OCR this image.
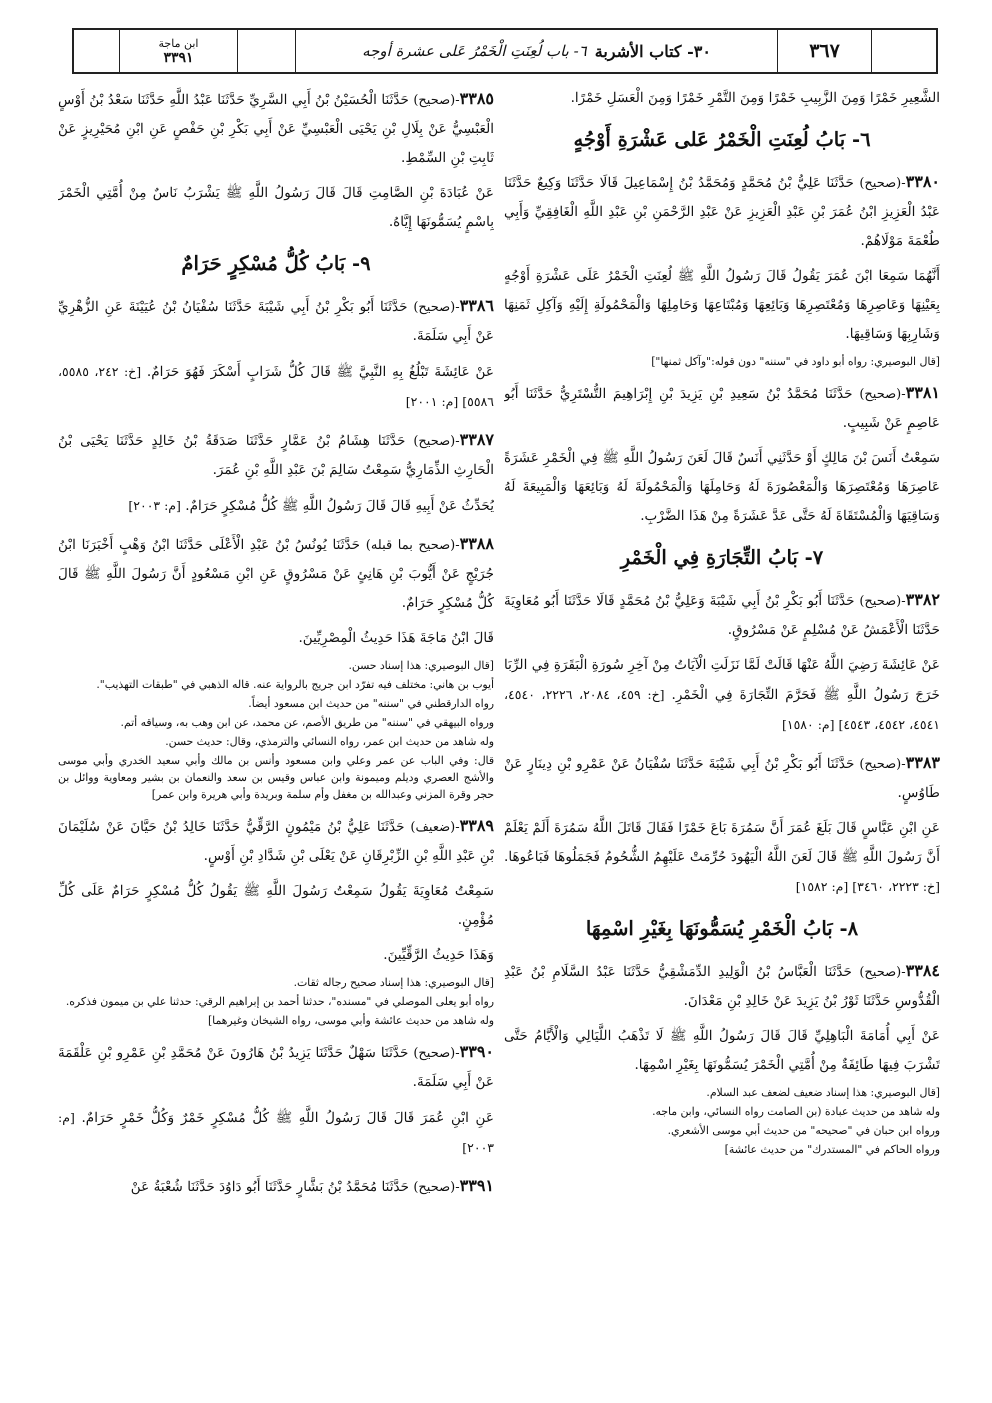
ابن ماجة
٣٣٩١	٣٠- كتاب الأشربة
٦- باب لُعِنَتِ الْخَمْرُ عَلى عشرة أوجه	٣٦٧

الشَّعِيرِ خَمْرًا وَمِنَ الزَّبِيبِ خَمْرًا وَمِنَ التَّمْرِ خَمْرًا وَمِنَ الْعَسَلِ خَمْرًا.

٦- بَابُ لُعِنَتِ الْخَمْرُ عَلى عَشْرَةِ أَوْجُهٍ

٣٣٨٠-(صحيح) حَدَّثَنَا عَلِيُّ بْنُ مُحَمَّدٍ وَمُحَمَّدُ بْنُ إِسْمَاعِيلَ قَالَا حَدَّثَنَا وَكِيعٌ حَدَّثَنَا عَبْدُ الْعَزِيزِ ابْنُ عُمَرَ بْنِ عَبْدِ الْعَزِيزِ عَنْ عَبْدِ الرَّحْمَنِ بْنِ عَبْدِ اللَّهِ الْغَافِقِيِّ وَأَبِي طُعْمَةَ مَوْلَاهُمْ.

أَنَّهُمَا سَمِعَا ابْنَ عُمَرَ يَقُولُ قَالَ رَسُولُ اللَّهِ ﷺ لُعِنَتِ الْخَمْرُ عَلَى عَشْرَةِ أَوْجُهٍ بِعَيْنِهَا وَعَاصِرِهَا وَمُعْتَصِرِهَا وَبَائِعِهَا وَمُبْتَاعِهَا وَحَامِلِهَا وَالْمَحْمُولَةِ إِلَيْهِ وَآكِلِ ثَمَنِهَا وَشَارِبِهَا وَسَاقِيهَا.

[قال البوصيري: رواه أبو داود في "سننه" دون قوله:"وآكل ثمنها"]

٣٣٨١-(صحيح) حَدَّثَنَا مُحَمَّدُ بْنُ سَعِيدِ بْنِ يَزِيدَ بْنِ إِبْرَاهِيمَ التُّسْتَرِيُّ حَدَّثَنَا أَبُو عَاصِمٍ عَنْ شَبِيبٍ.

سَمِعْتُ أَنَسَ بْنَ مَالِكٍ أَوْ حَدَّثَنِي أَنَسٌ قَالَ لَعَنَ رَسُولُ اللَّهِ ﷺ فِي الْخَمْرِ عَشَرَةً عَاصِرَهَا وَمُعْتَصِرَهَا وَالْمَعْصُورَةَ لَهُ وَحَامِلَهَا وَالْمَحْمُولَةَ لَهُ وَبَائِعَهَا وَالْمَبِيعَةَ لَهُ وَسَاقِيَهَا وَالْمُسْتَقَاةَ لَهُ حَتَّى عَدَّ عَشَرَةً مِنْ هَذَا الضَّرْبِ.

٧- بَابُ التِّجَارَةِ فِي الْخَمْرِ

٣٣٨٢-(صحيح) حَدَّثَنَا أَبُو بَكْرِ بْنُ أَبِي شَيْبَةَ وَعَلِيُّ بْنُ مُحَمَّدٍ قَالَا حَدَّثَنَا أَبُو مُعَاوِيَةَ حَدَّثَنَا الْأَعْمَشُ عَنْ مُسْلِمٍ عَنْ مَسْرُوقٍ.

عَنْ عَائِشَةَ رَضِيَ اللَّهُ عَنْهَا قَالَتْ لَمَّا نَزَلَتِ الْآيَاتُ مِنْ آخِرِ سُورَةِ الْبَقَرَةِ فِي الرِّبَا خَرَجَ رَسُولُ اللَّهِ ﷺ فَحَرَّمَ التِّجَارَةَ فِي الْخَمْرِ. [خ: ٤٥٩، ٢٠٨٤، ٢٢٢٦، ٤٥٤٠، ٤٥٤١، ٤٥٤٢، ٤٥٤٣] [م: ١٥٨٠]

٣٣٨٣-(صحيح) حَدَّثَنَا أَبُو بَكْرِ بْنُ أَبِي شَيْبَةَ حَدَّثَنَا سُفْيَانُ عَنْ عَمْرِو بْنِ دِينَارٍ عَنْ طَاوُسٍ.

عَنِ ابْنِ عَبَّاسٍ قَالَ بَلَغَ عُمَرَ أَنَّ سَمُرَةَ بَاعَ خَمْرًا فَقَالَ قَاتَلَ اللَّهُ سَمُرَةَ أَلَمْ يَعْلَمْ أَنَّ رَسُولَ اللَّهِ ﷺ قَالَ لَعَنَ اللَّهُ الْيَهُودَ حُرِّمَتْ عَلَيْهِمُ الشُّحُومُ فَجَمَلُوهَا فَبَاعُوهَا. [خ: ٢٢٢٣، ٣٤٦٠] [م: ١٥٨٢]

٨- بَابُ الْخَمْرِ يُسَمُّونَهَا بِغَيْرِ اسْمِهَا

٣٣٨٤-(صحيح) حَدَّثَنَا الْعَبَّاسُ بْنُ الْوَلِيدِ الدِّمَشْقِيُّ حَدَّثَنَا عَبْدُ السَّلَامِ بْنُ عَبْدِ الْقُدُّوسِ حَدَّثَنَا ثَوْرُ بْنُ يَزِيدَ عَنْ خَالِدِ بْنِ مَعْدَانَ.

عَنْ أَبِي أُمَامَةَ الْبَاهِلِيِّ قَالَ قَالَ رَسُولُ اللَّهِ ﷺ لَا تَذْهَبُ اللَّيَالِي وَالْأَيَّامُ حَتَّى تَشْرَبَ فِيهَا طَائِفَةٌ مِنْ أُمَّتِي الْخَمْرَ يُسَمُّونَهَا بِغَيْرِ اسْمِهَا.

[قال البوصيري: هذا إسناد ضعيف لضعف عبد السلام.

وله شاهد من حديث عبادة (بن الصامت رواه النسائي، وابن ماجه.

ورواه ابن حبان في "صحيحه" من حديث أبي موسى الأشعري.

ورواه الحاكم في "المستدرك" من حديث عائشة]

٣٣٨٥-(صحيح) حَدَّثَنَا الْحُسَيْنُ بْنُ أَبِي السَّرِيِّ حَدَّثَنَا عَبْدُ اللَّهِ حَدَّثَنَا سَعْدُ بْنُ أَوْسٍ الْعَبْسِيُّ عَنْ بِلَالِ بْنِ يَحْيَى الْعَبْسِيِّ عَنْ أَبِي بَكْرِ بْنِ حَفْصٍ عَنِ ابْنِ مُحَيْرِيزٍ عَنْ ثَابِتِ بْنِ السِّمْطِ.

عَنْ عُبَادَةَ بْنِ الصَّامِتِ قَالَ قَالَ رَسُولُ اللَّهِ ﷺ يَشْرَبُ نَاسٌ مِنْ أُمَّتِي الْخَمْرَ بِاسْمٍ يُسَمُّونَهَا إِيَّاهُ.

٩- بَابُ كُلُّ مُسْكِرٍ حَرَامٌ

٣٣٨٦-(صحيح) حَدَّثَنَا أَبُو بَكْرِ بْنُ أَبِي شَيْبَةَ حَدَّثَنَا سُفْيَانُ بْنُ عُيَيْنَةَ عَنِ الزُّهْرِيِّ عَنْ أَبِي سَلَمَةَ.

عَنْ عَائِشَةَ تَبْلُغُ بِهِ النَّبِيَّ ﷺ قَالَ كُلُّ شَرَابٍ أَسْكَرَ فَهُوَ حَرَامٌ. [خ: ٢٤٢، ٥٥٨٥، ٥٥٨٦] [م: ٢٠٠١]

٣٣٨٧-(صحيح) حَدَّثَنَا هِشَامُ بْنُ عَمَّارٍ حَدَّثَنَا صَدَقَةُ بْنُ خَالِدٍ حَدَّثَنَا يَحْيَى بْنُ الْحَارِثِ الذِّمَارِيُّ سَمِعْتُ سَالِمَ بْنَ عَبْدِ اللَّهِ بْنِ عُمَرَ.

يُحَدِّثُ عَنْ أَبِيهِ قَالَ قَالَ رَسُولُ اللَّهِ ﷺ كُلُّ مُسْكِرٍ حَرَامٌ. [م: ٢٠٠٣]

٣٣٨٨-(صحيح بما قبله) حَدَّثَنَا يُونُسُ بْنُ عَبْدِ الْأَعْلَى حَدَّثَنَا ابْنُ وَهْبٍ أَخْبَرَنَا ابْنُ جُرَيْجٍ عَنْ أَيُّوبَ بْنِ هَانِئٍ عَنْ مَسْرُوقٍ عَنِ ابْنِ مَسْعُودٍ أَنَّ رَسُولَ اللَّهِ ﷺ قَالَ كُلُّ مُسْكِرٍ حَرَامٌ.

قَالَ ابْنُ مَاجَةَ هَذَا حَدِيثُ الْمِصْرِيِّينَ.

[قال البوصيري: هذا إسناد حسن.

أيوب بن هاني: مختلف فيه تفرّد ابن جريج بالرواية عنه. قاله الذهبي في "طبقات التهذيب".

رواه الدارقطني في "سننه" من حديث ابن مسعود أيضاً.

ورواه البيهقي في "سننه" من طريق الأصم، عن محمد، عن ابن وهب به، وسياقه أتم.

وله شاهد من حديث ابن عمر، رواه النسائي والترمذي، وقال: حديث حسن.

قال: وفي الباب عن عمر وعلي وابن مسعود وأنس بن مالك وأبي سعيد الخدري وأبي موسى والأشج العصري وديلم وميمونة وابن عباس وقيس بن سعد والنعمان بن بشير ومعاوية ووائل بن حجر وقرة المزني وعبدالله بن مغفل وأم سلمة وبريدة وأبي هريرة وابن عمر]

٣٣٨٩-(ضعيف) حَدَّثَنَا عَلِيُّ بْنُ مَيْمُونٍ الرَّقِّيُّ حَدَّثَنَا خَالِدُ بْنُ حَيَّانَ عَنْ سُلَيْمَانَ بْنِ عَبْدِ اللَّهِ بْنِ الزِّبْرِقَانِ عَنْ يَعْلَى بْنِ شَدَّادِ بْنِ أَوْسٍ.

سَمِعْتُ مُعَاوِيَةَ يَقُولُ سَمِعْتُ رَسُولَ اللَّهِ ﷺ يَقُولُ كُلُّ مُسْكِرٍ حَرَامٌ عَلَى كُلِّ مُؤْمِنٍ.

وَهَذَا حَدِيثُ الرَّقِّيِّينَ.

[قال البوصيري: هذا إسناد صحيح رجاله ثقات.

رواه أبو يعلى الموصلي في "مسنده"، حدثنا أحمد بن إبراهيم الرقي: حدثنا علي بن ميمون فذكره.

وله شاهد من حديث عائشة وأبي موسى، رواه الشيخان وغيرهما]

٣٣٩٠-(صحيح) حَدَّثَنَا سَهْلٌ حَدَّثَنَا يَزِيدُ بْنُ هَارُونَ عَنْ مُحَمَّدِ بْنِ عَمْرِو بْنِ عَلْقَمَةَ عَنْ أَبِي سَلَمَةَ.

عَنِ ابْنِ عُمَرَ قَالَ قَالَ رَسُولُ اللَّهِ ﷺ كُلُّ مُسْكِرٍ خَمْرٌ وَكُلُّ خَمْرٍ حَرَامٌ. [م: ٢٠٠٣]

٣٣٩١-(صحيح) حَدَّثَنَا مُحَمَّدُ بْنُ بَشَّارٍ حَدَّثَنَا أَبُو دَاوُدَ حَدَّثَنَا شُعْبَةُ عَنْ
